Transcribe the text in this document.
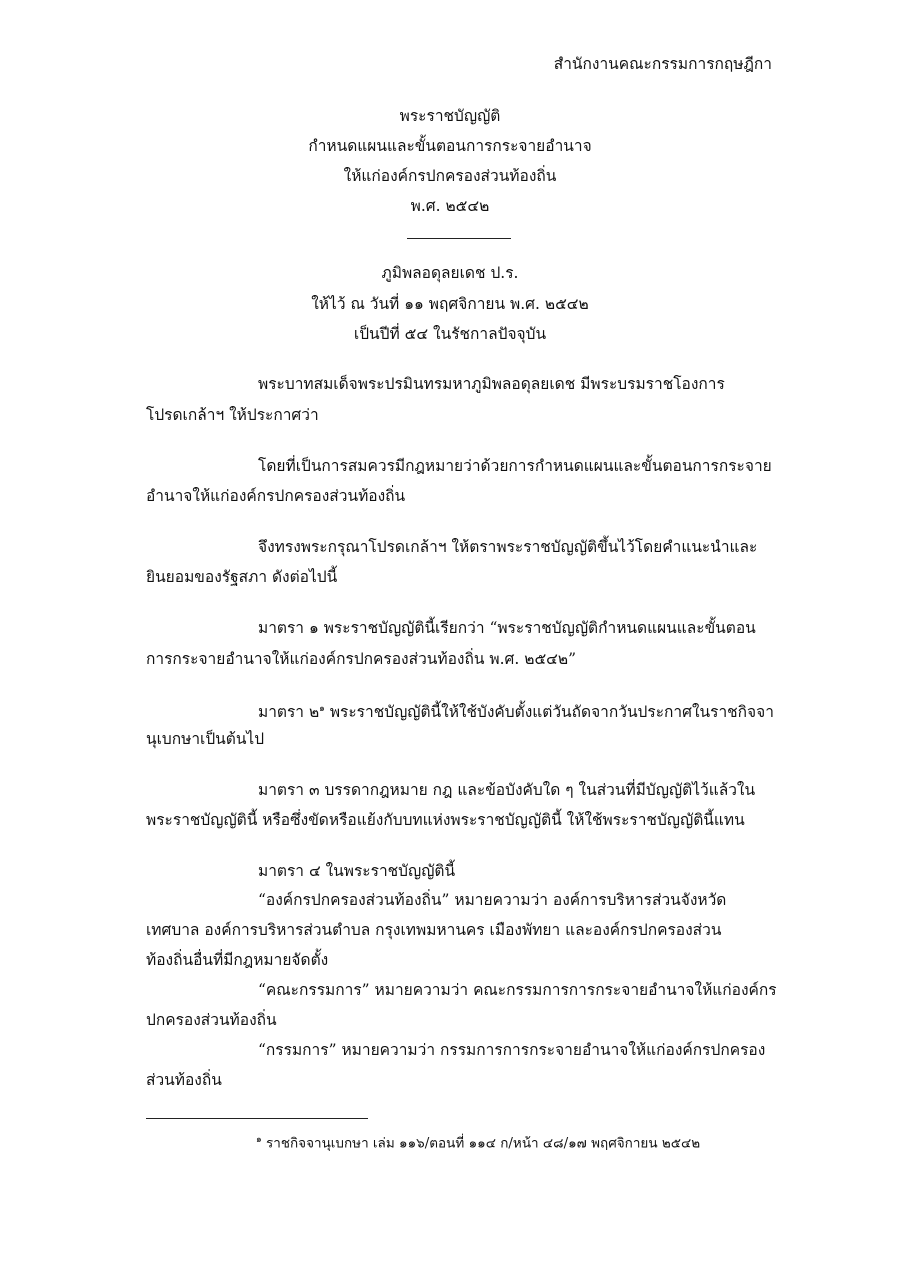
สำนักงานคณะกรรมการกฤษฎีกา
พระราชบัญญัติ
กำหนดแผนและขั้นตอนการกระจายอำนาจ
ให้แก่องค์กรปกครองส่วนท้องถิ่น
พ.ศ. ๒๕๔๒
ภูมิพลอดุลยเดช ป.ร.
ให้ไว้ ณ วันที่ ๑๑ พฤศจิกายน พ.ศ. ๒๕๔๒
เป็นปีที่ ๕๔ ในรัชกาลปัจจุบัน
พระบาทสมเด็จพระปรมินทรมหาภูมิพลอดุลยเดช มีพระบรมราชโองการ
โปรดเกล้าฯ ให้ประกาศว่า
โดยที่เป็นการสมควรมีกฎหมายว่าด้วยการกำหนดแผนและขั้นตอนการกระจาย
อำนาจให้แก่องค์กรปกครองส่วนท้องถิ่น
จึงทรงพระกรุณาโปรดเกล้าฯ ให้ตราพระราชบัญญัติขึ้นไว้โดยคำแนะนำและ
ยินยอมของรัฐสภา ดังต่อไปนี้
มาตรา ๑ พระราชบัญญัตินี้เรียกว่า “พระราชบัญญัติกำหนดแผนและขั้นตอน
การกระจายอำนาจให้แก่องค์กรปกครองส่วนท้องถิ่น พ.ศ. ๒๕๔๒”
มาตรา ๒$^๑$ พระราชบัญญัตินี้ให้ใช้บังคับตั้งแต่วันถัดจากวันประกาศในราชกิจจา
นุเบกษาเป็นต้นไป
มาตรา ๓ บรรดากฎหมาย กฎ และข้อบังคับใด ๆ ในส่วนที่มีบัญญัติไว้แล้วใน
พระราชบัญญัตินี้ หรือซึ่งขัดหรือแย้งกับบทแห่งพระราชบัญญัตินี้ ให้ใช้พระราชบัญญัตินี้แทน
มาตรา ๔ ในพระราชบัญญัตินี้
“องค์กรปกครองส่วนท้องถิ่น” หมายความว่า องค์การบริหารส่วนจังหวัด
เทศบาล องค์การบริหารส่วนตำบล กรุงเทพมหานคร เมืองพัทยา และองค์กรปกครองส่วน
ท้องถิ่นอื่นที่มีกฎหมายจัดตั้ง
“คณะกรรมการ” หมายความว่า คณะกรรมการการกระจายอำนาจให้แก่องค์กร
ปกครองส่วนท้องถิ่น
“กรรมการ” หมายความว่า กรรมการการกระจายอำนาจให้แก่องค์กรปกครอง
ส่วนท้องถิ่น
$^๑$ ราชกิจจานุเบกษา เล่ม ๑๑๖/ตอนที่ ๑๑๔ ก/หน้า ๔๘/๑๗ พฤศจิกายน ๒๕๔๒
